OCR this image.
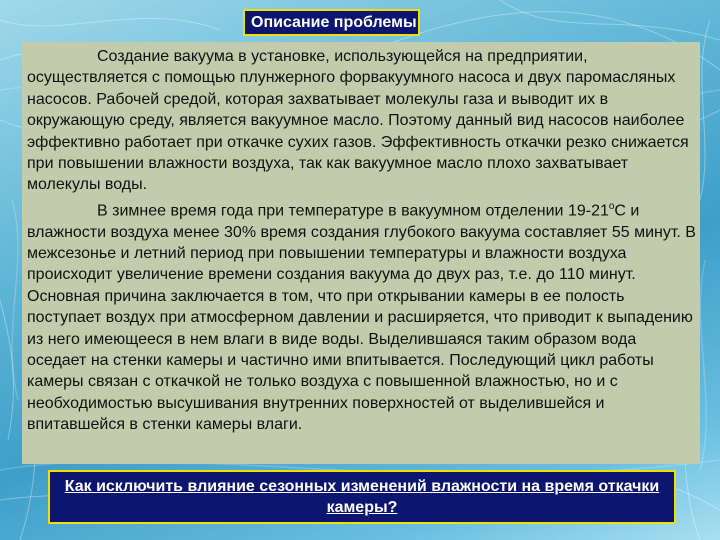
Описание проблемы

Создание вакуума в установке, использующейся на предприятии, осуществляется с помощью плунжерного форвакуумного насоса и двух паромасляных насосов. Рабочей средой, которая захватывает молекулы газа и выводит их в окружающую среду, является вакуумное масло. Поэтому данный вид насосов наиболее эффективно работает при откачке сухих газов. Эффективность откачки резко снижается при повышении влажности воздуха, так как вакуумное масло плохо захватывает молекулы воды.

В зимнее время года при температуре в вакуумном отделении $19-21^оС$ и влажности воздуха менее 30% время создания глубокого вакуума составляет 55 минут. В межсезонье и летний период при повышении температуры и влажности воздуха происходит увеличение времени создания вакуума до двух раз, т.е. до 110 минут. Основная причина заключается в том, что при открывании камеры в ее полость поступает воздух при атмосферном давлении и расширяется, что приводит к выпадению из него имеющееся в нем влаги в виде воды. Выделившаяся таким образом вода оседает на стенки камеры и частично ими впитывается. Последующий цикл работы камеры связан с откачкой не только воздуха с повышенной влажностью, но и с необходимостью высушивания внутренних поверхностей от выделившейся и впитавшейся в стенки камеры влаги.

Как исключить влияние сезонных изменений влажности на время откачки камеры?
